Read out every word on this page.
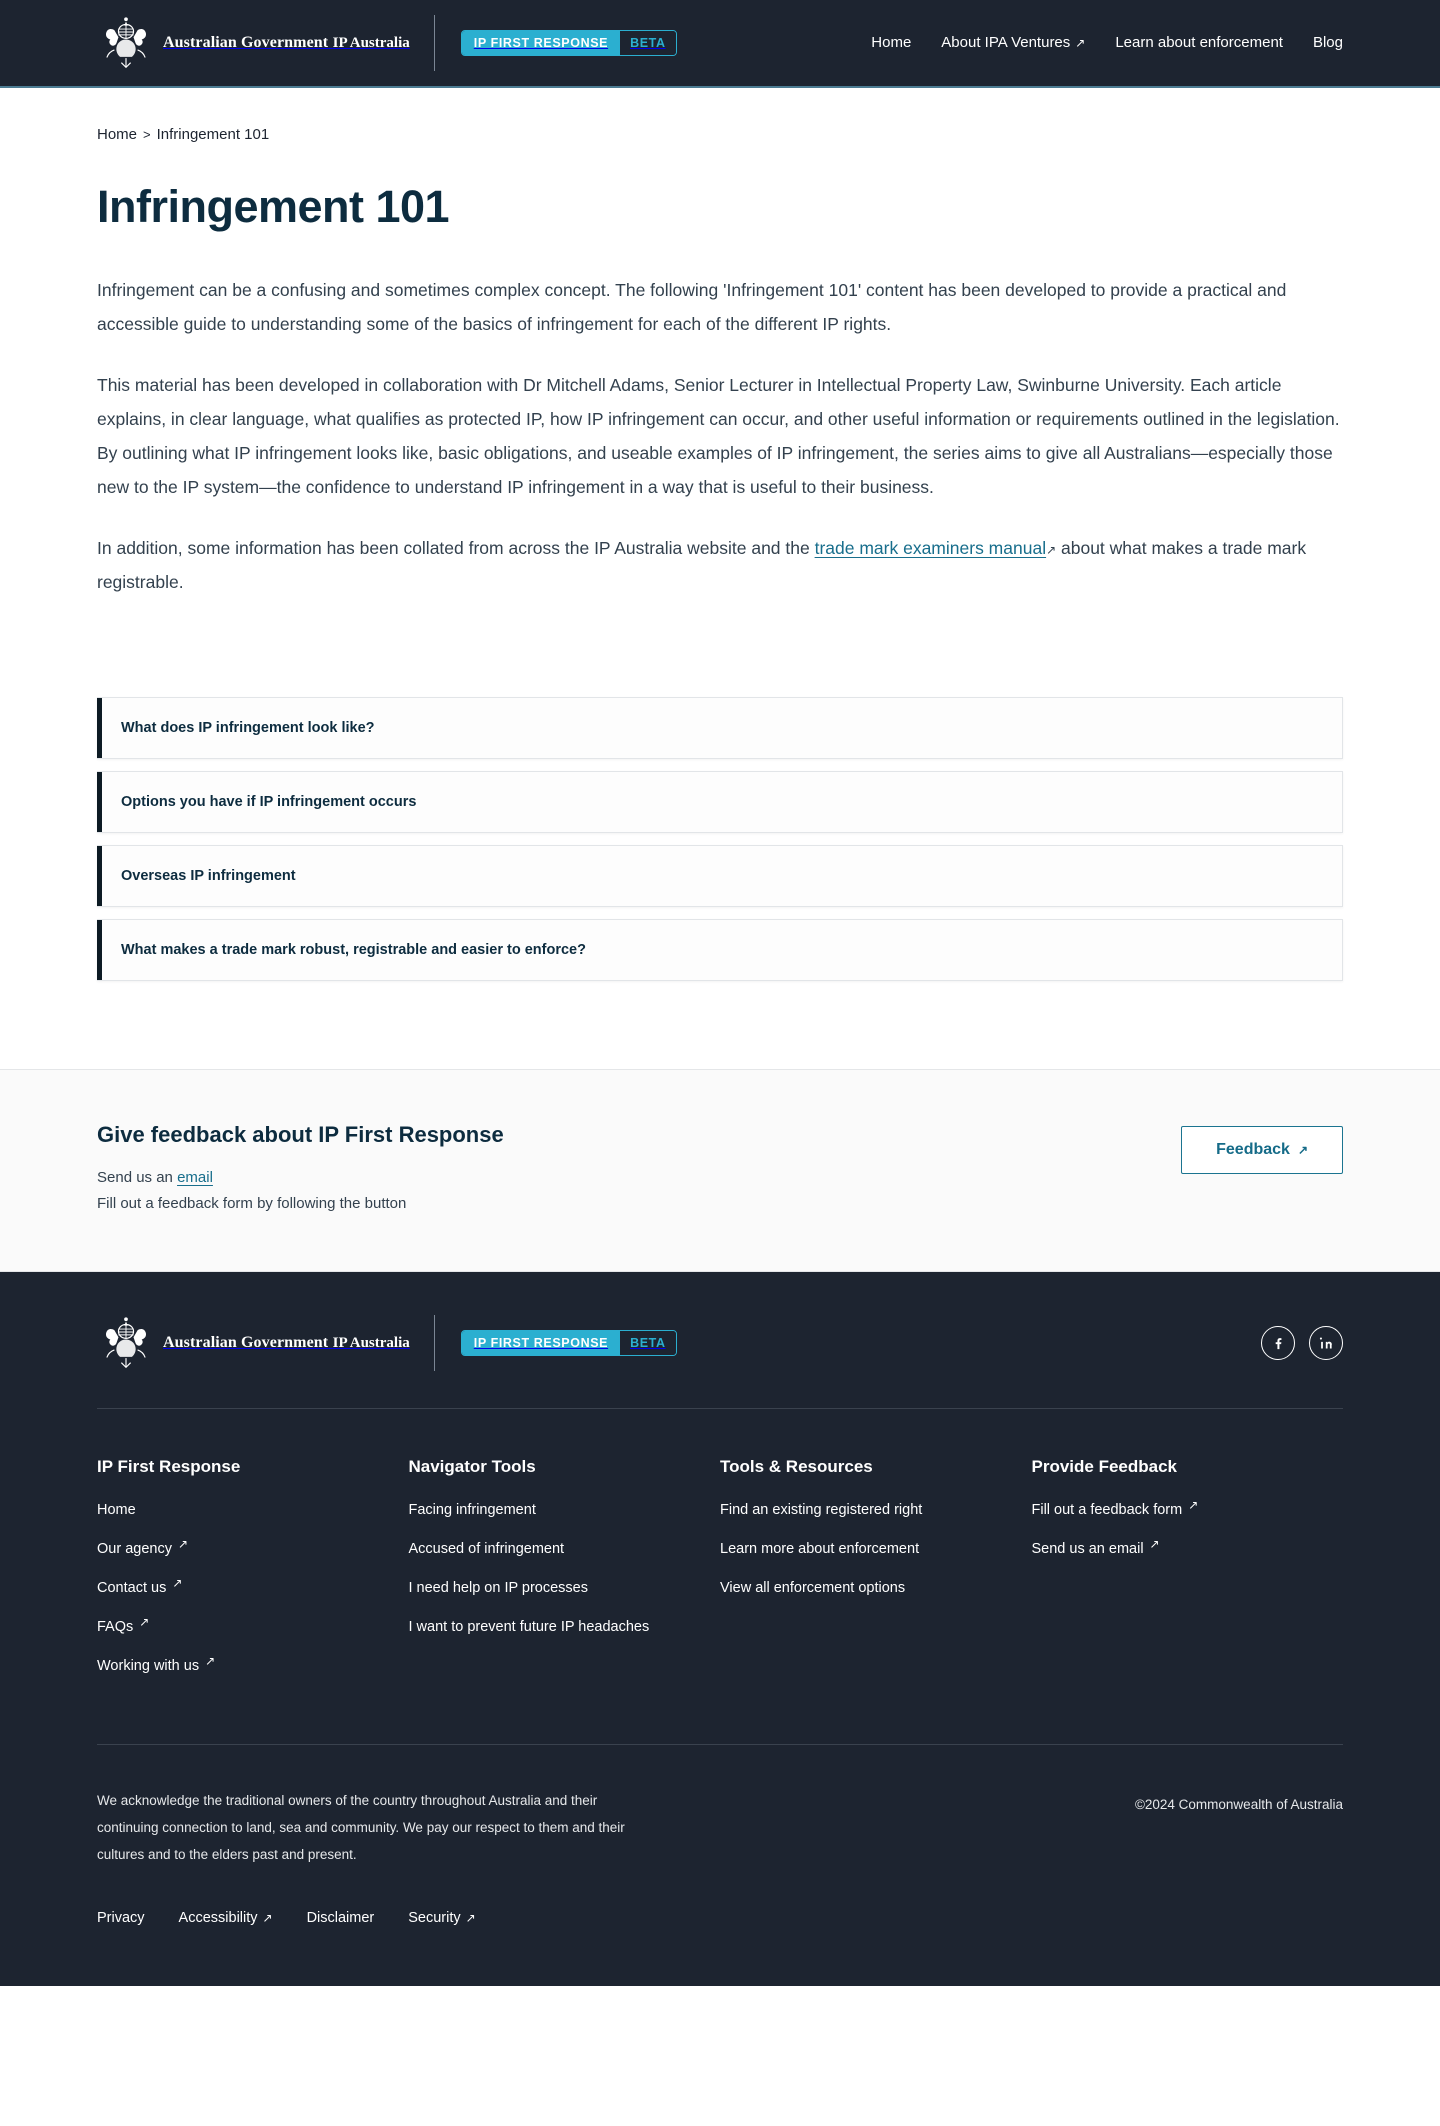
Australian Government IP Australia	IP FIRST RESPONSE	BETA	Home About IPA Ventures ↗ Learn about enforcement Blog
Home > Infringement 101
Infringement 101

Infringement can be a confusing and sometimes complex concept. The following 'Infringement 101' content has been developed to provide a practical and accessible guide to understanding some of the basics of infringement for each of the different IP rights.

This material has been developed in collaboration with Dr Mitchell Adams, Senior Lecturer in Intellectual Property Law, Swinburne University. Each article explains, in clear language, what qualifies as protected IP, how IP infringement can occur, and other useful information or requirements outlined in the legislation. By outlining what IP infringement looks like, basic obligations, and useable examples of IP infringement, the series aims to give all Australians—especially those new to the IP system—the confidence to understand IP infringement in a way that is useful to their business.

In addition, some information has been collated from across the IP Australia website and the trade mark examiners manual↗ about what makes a trade mark registrable.

What does IP infringement look like?
Options you have if IP infringement occurs
Overseas IP infringement
What makes a trade mark robust, registrable and easier to enforce?
Give feedback about IP First Response
Send us an email
Fill out a feedback form by following the button
Feedback ↗
Australian Government IP Australia	IP FIRST RESPONSE	BETA
IP First Response
Home
Our agency ↗
Contact us ↗
FAQs ↗
Working with us ↗
Navigator Tools
Facing infringement
Accused of infringement
I need help on IP processes
I want to prevent future IP headaches
Tools & Resources
Find an existing registered right
Learn more about enforcement
View all enforcement options
Provide Feedback
Fill out a feedback form ↗
Send us an email ↗
We acknowledge the traditional owners of the country throughout Australia and their continuing connection to land, sea and community. We pay our respect to them and their cultures and to the elders past and present.
©2024 Commonwealth of Australia
Privacy Accessibility ↗ Disclaimer Security ↗
